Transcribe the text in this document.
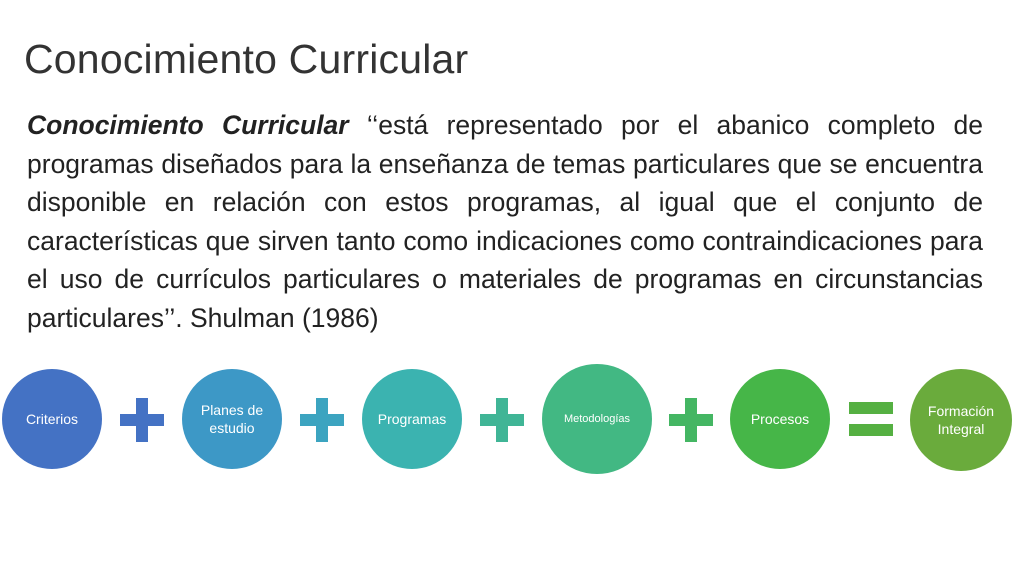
Conocimiento Curricular
Conocimiento Curricular ‘‘está representado por el abanico completo de programas diseñados para la enseñanza de temas particulares que se encuentra disponible en relación con estos programas, al igual que el conjunto de características que sirven tanto como indicaciones como contraindicaciones para el uso de currículos particulares o materiales de programas en circunstancias particulares’’. Shulman (1986)
Criterios
Planes de estudio
Programas	Metodologías	Procesos	Formación Integral
